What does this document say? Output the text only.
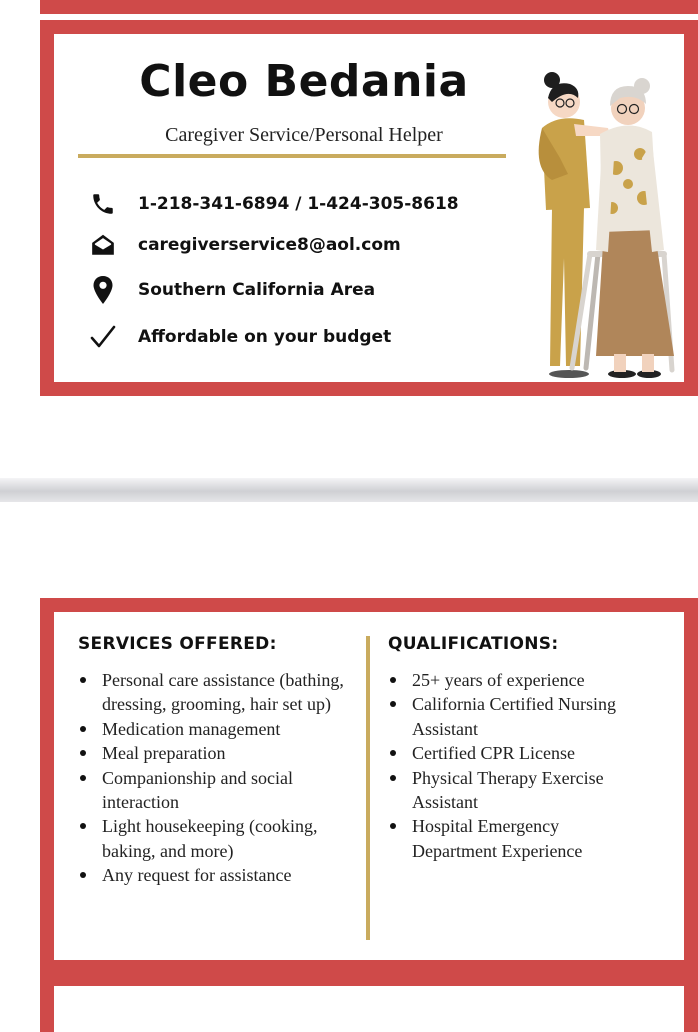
Cleo Bedania
Caregiver Service/Personal Helper
1-218-341-6894 / 1-424-305-8618
caregiverservice8@aol.com
Southern California Area
Affordable on your budget
SERVICES OFFERED:
Personal care assistance (bathing, dressing, grooming, hair set up)
Medication management
Meal preparation
Companionship and social interaction
Light housekeeping (cooking, baking, and more)
Any request for assistance
QUALIFICATIONS:
25+ years of experience
California Certified Nursing Assistant
Certified CPR License
Physical Therapy Exercise Assistant
Hospital Emergency Department Experience
